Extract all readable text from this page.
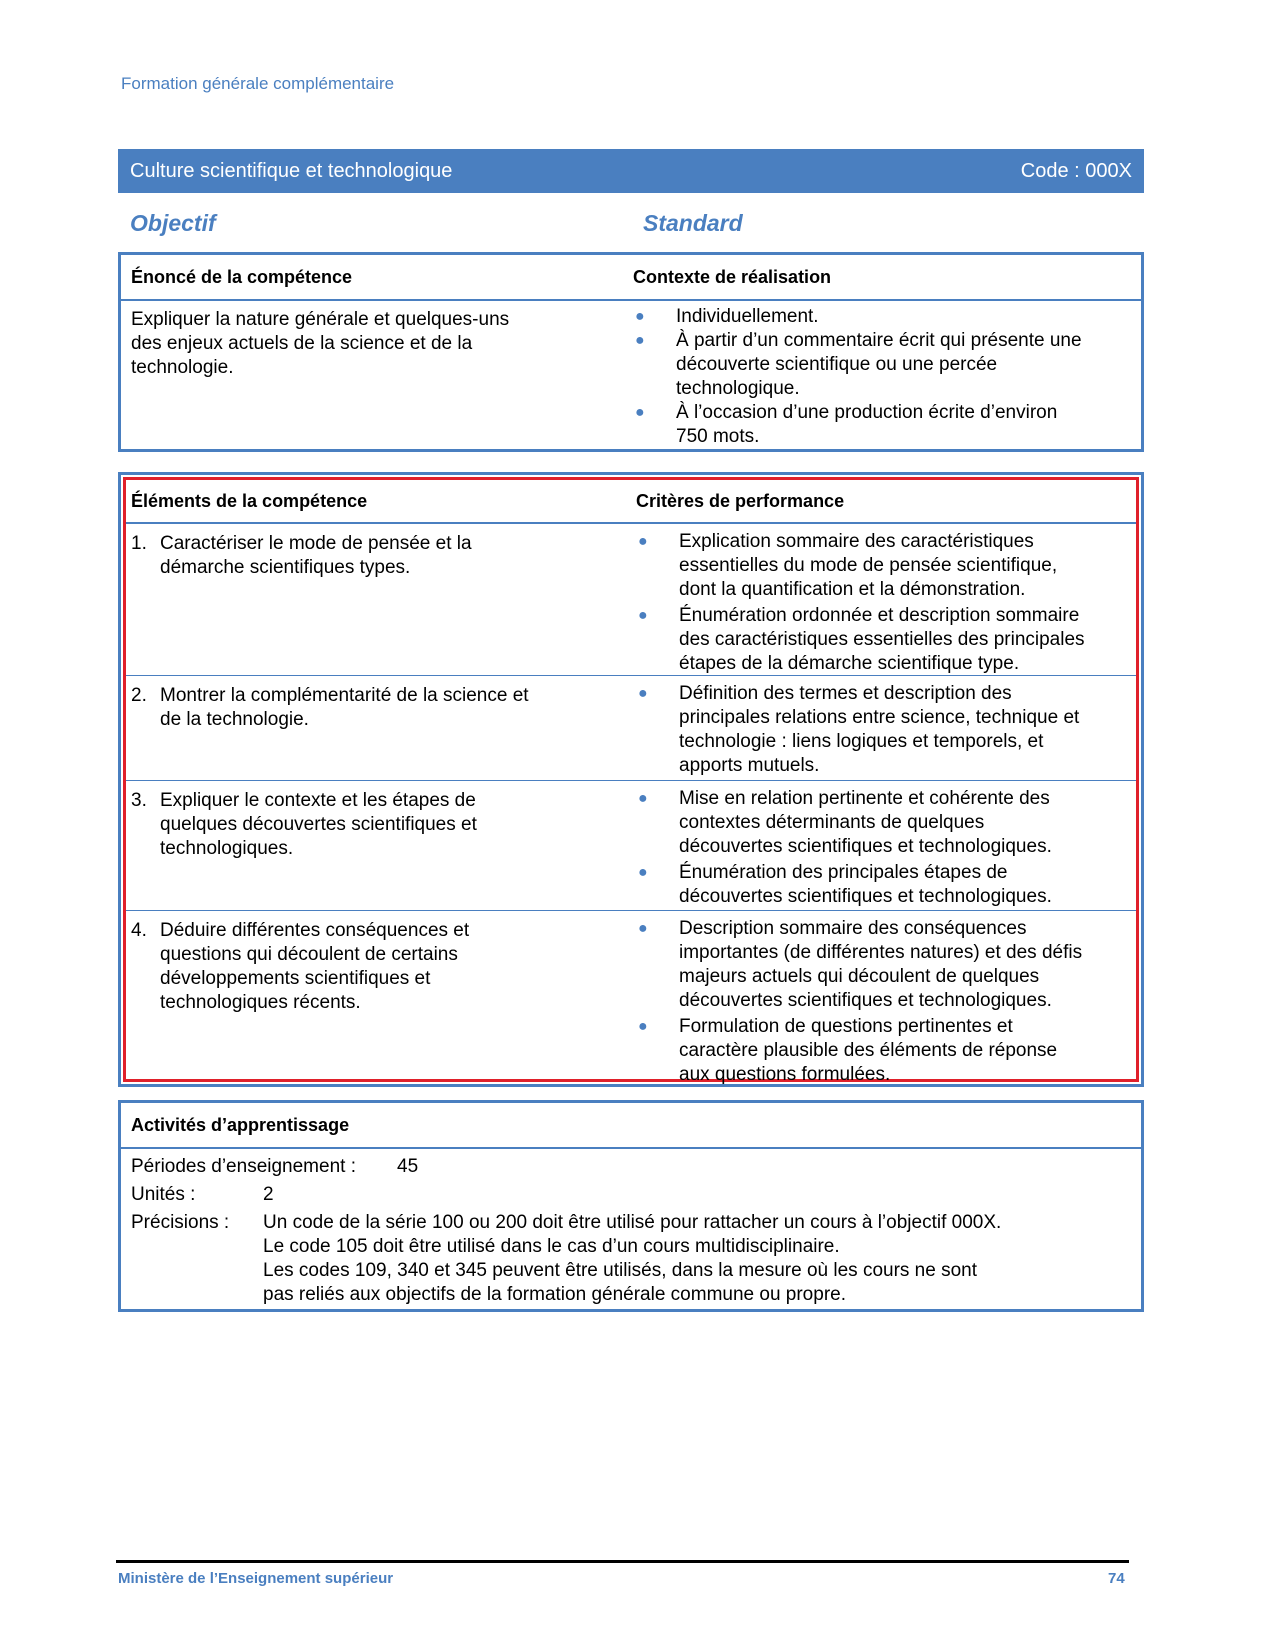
Formation générale complémentaire
Culture scientifique et technologique	Code : 000X
Objectif	Standard
Énoncé de la compétence	Contexte de réalisation
Expliquer la nature générale et quelques-uns
des enjeux actuels de la science et de la
technologie.
● Individuellement.
● À partir d’un commentaire écrit qui présente une
découverte scientifique ou une percée
technologique.
● À l’occasion d’une production écrite d’environ
750 mots.
Éléments de la compétence	Critères de performance
1. Caractériser le mode de pensée et la
démarche scientifiques types.
● Explication sommaire des caractéristiques
essentielles du mode de pensée scientifique,
dont la quantification et la démonstration.
● Énumération ordonnée et description sommaire
des caractéristiques essentielles des principales
étapes de la démarche scientifique type.
2. Montrer la complémentarité de la science et
de la technologie.
● Définition des termes et description des
principales relations entre science, technique et
technologie : liens logiques et temporels, et
apports mutuels.
3. Expliquer le contexte et les étapes de
quelques découvertes scientifiques et
technologiques.
● Mise en relation pertinente et cohérente des
contextes déterminants de quelques
découvertes scientifiques et technologiques.
● Énumération des principales étapes de
découvertes scientifiques et technologiques.
4. Déduire différentes conséquences et
questions qui découlent de certains
développements scientifiques et
technologiques récents.
● Description sommaire des conséquences
importantes (de différentes natures) et des défis
majeurs actuels qui découlent de quelques
découvertes scientifiques et technologiques.
● Formulation de questions pertinentes et
caractère plausible des éléments de réponse
aux questions formulées.
Activités d’apprentissage
Périodes d’enseignement : 45
Unités :	2
Précisions : Un code de la série 100 ou 200 doit être utilisé pour rattacher un cours à l’objectif 000X.
Le code 105 doit être utilisé dans le cas d’un cours multidisciplinaire.
Les codes 109, 340 et 345 peuvent être utilisés, dans la mesure où les cours ne sont
pas reliés aux objectifs de la formation générale commune ou propre.
Ministère de l’Enseignement supérieur	74
